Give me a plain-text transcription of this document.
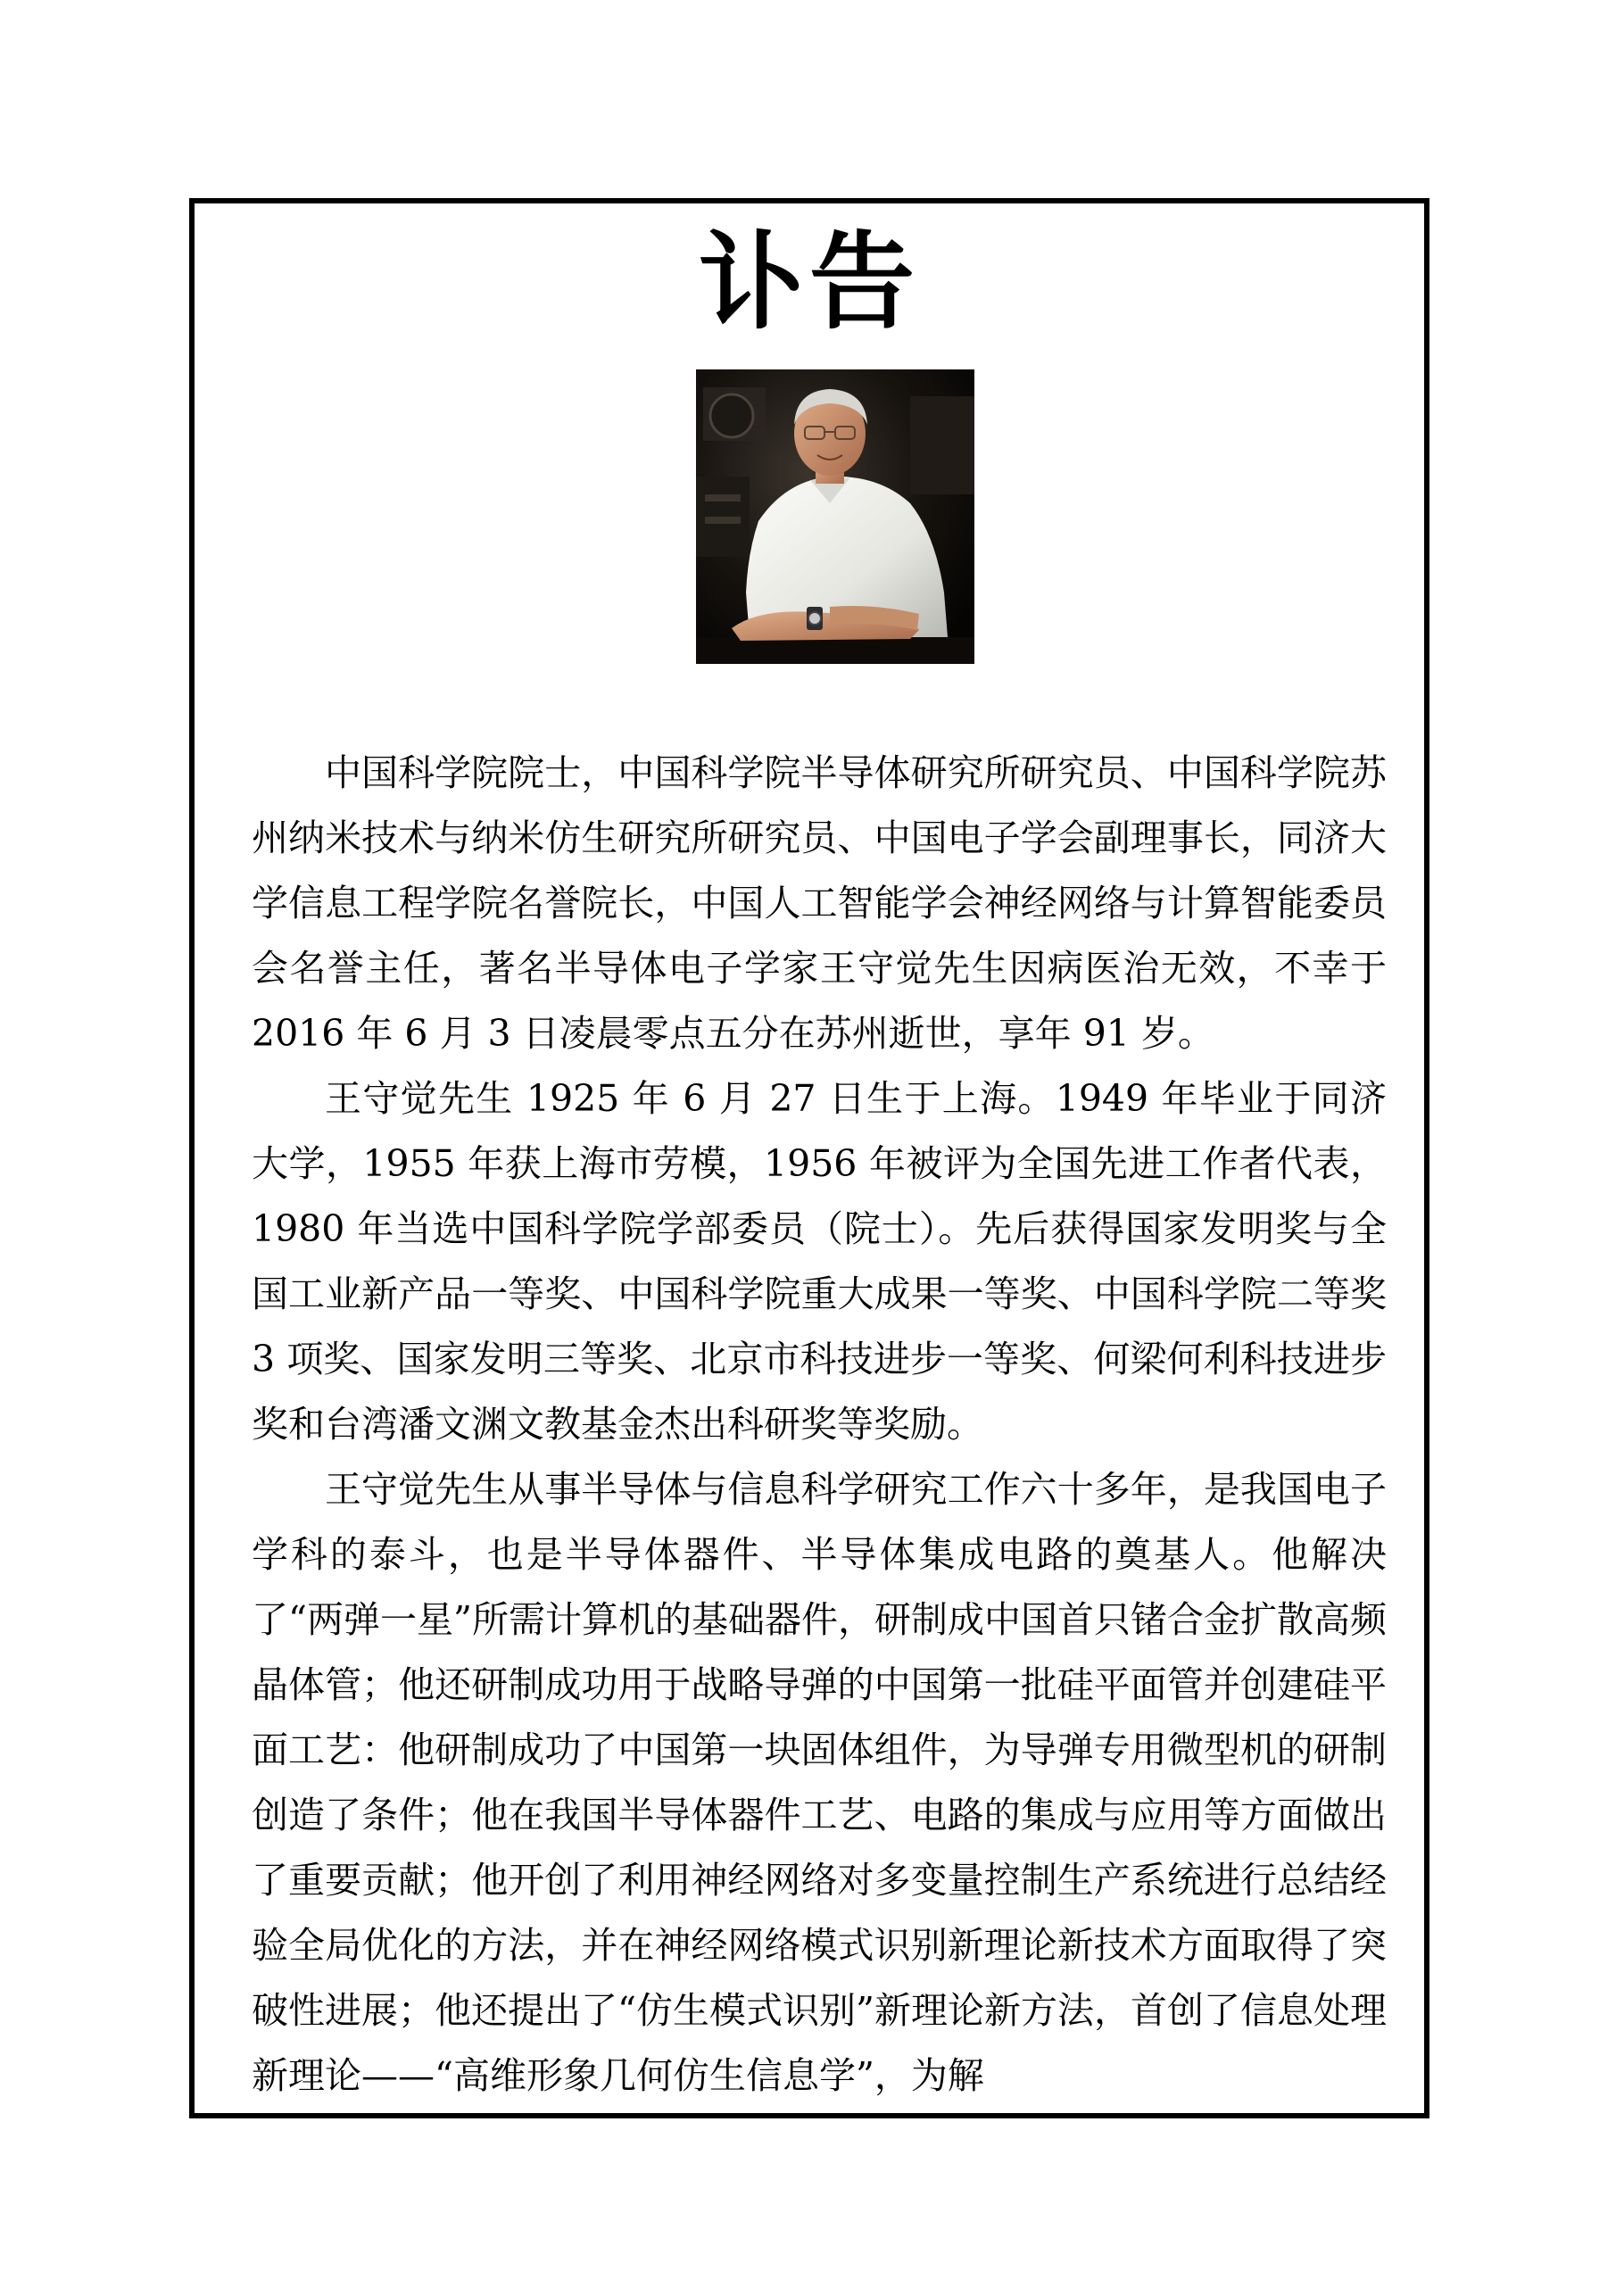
讣告

中国科学院院士，中国科学院半导体研究所研究员、中国科学院苏州纳米技术与纳米仿生研究所研究员、中国电子学会副理事长，同济大学信息工程学院名誉院长，中国人工智能学会神经网络与计算智能委员会名誉主任，著名半导体电子学家王守觉先生因病医治无效，不幸于 2016 年 6 月 3 日凌晨零点五分在苏州逝世，享年 91 岁。

王守觉先生 1925 年 6 月 27 日生于上海。1949 年毕业于同济大学，1955 年获上海市劳模，1956 年被评为全国先进工作者代表，1980 年当选中国科学院学部委员（院士）。先后获得国家发明奖与全国工业新产品一等奖、中国科学院重大成果一等奖、中国科学院二等奖 3 项奖、国家发明三等奖、北京市科技进步一等奖、何梁何利科技进步奖和台湾潘文渊文教基金杰出科研奖等奖励。

王守觉先生从事半导体与信息科学研究工作六十多年，是我国电子学科的泰斗，也是半导体器件、半导体集成电路的奠基人。他解决了“两弹一星”所需计算机的基础器件，研制成中国首只锗合金扩散高频晶体管；他还研制成功用于战略导弹的中国第一批硅平面管并创建硅平面工艺：他研制成功了中国第一块固体组件，为导弹专用微型机的研制创造了条件；他在我国半导体器件工艺、电路的集成与应用等方面做出了重要贡献；他开创了利用神经网络对多变量控制生产系统进行总结经验全局优化的方法，并在神经网络模式识别新理论新技术方面取得了突破性进展；他还提出了“仿生模式识别”新理论新方法，首创了信息处理新理论——“高维形象几何仿生信息学”，为解
